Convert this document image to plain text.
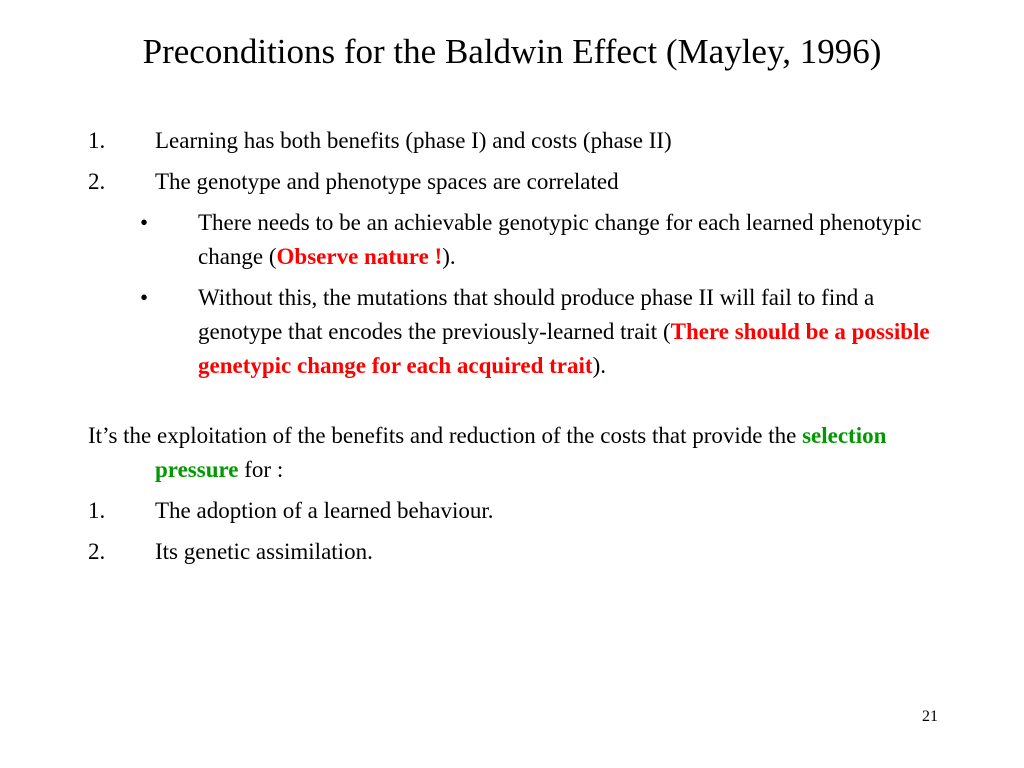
Preconditions for the Baldwin Effect (Mayley, 1996)
1.	Learning has both benefits (phase I) and costs (phase II)
2.	The genotype and phenotype spaces are correlated
•	There needs to be an achievable genotypic change for each learned phenotypic change (Observe nature !).
•	Without this, the mutations that should produce phase II will fail to find a genotype that encodes the previously-learned trait (There should be a possible genetypic change for each acquired trait).
It’s the exploitation of the benefits and reduction of the costs that provide the selection pressure for :
1.	The adoption of a learned behaviour.
2.	Its genetic assimilation.
21
